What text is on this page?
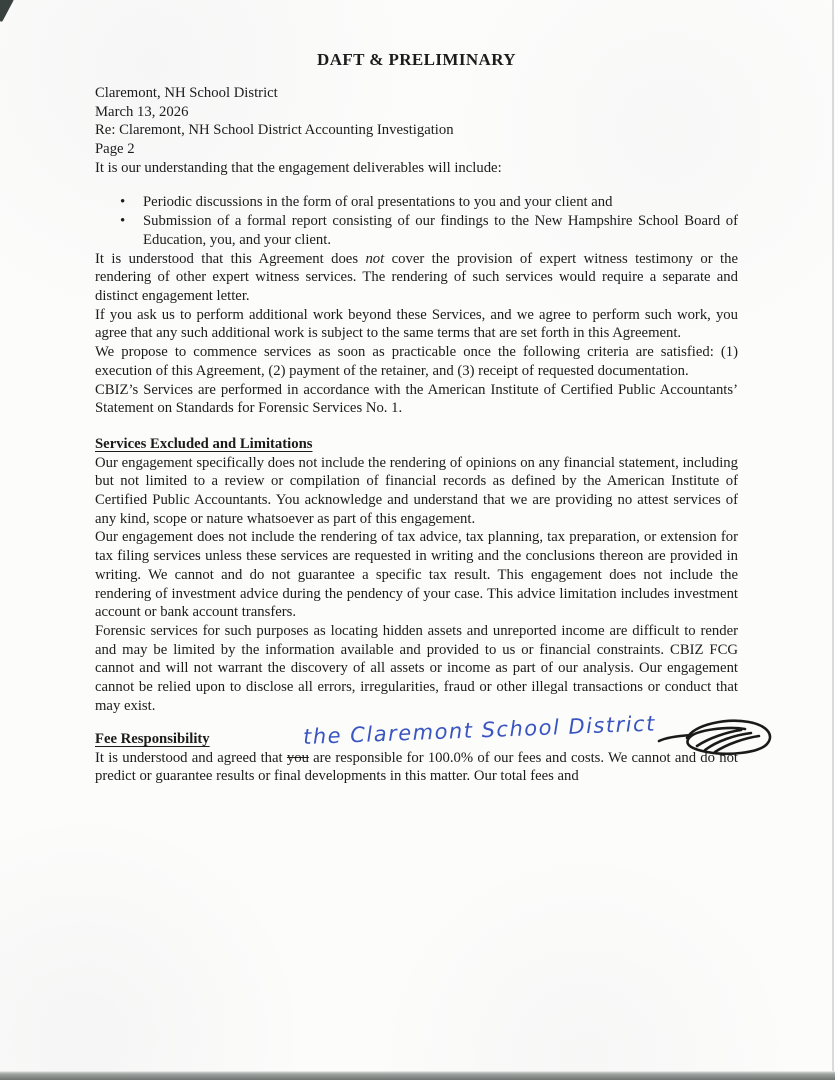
DAFT & PRELIMINARY
Claremont, NH School District
March 13, 2026
Re: Claremont, NH School District Accounting Investigation
Page 2

It is our understanding that the engagement deliverables will include:

•
Periodic discussions in the form of oral presentations to you and your client and
•
Submission of a formal report consisting of our findings to the New Hampshire School Board of Education, you, and your client.

It is understood that this Agreement does not cover the provision of expert witness testimony or the rendering of other expert witness services. The rendering of such services would require a separate and distinct engagement letter.

If you ask us to perform additional work beyond these Services, and we agree to perform such work, you agree that any such additional work is subject to the same terms that are set forth in this Agreement.

We propose to commence services as soon as practicable once the following criteria are satisfied: (1) execution of this Agreement, (2) payment of the retainer, and (3) receipt of requested documentation.

CBIZ’s Services are performed in accordance with the American Institute of Certified Public Accountants’ Statement on Standards for Forensic Services No. 1.

Services Excluded and Limitations

Our engagement specifically does not include the rendering of opinions on any financial statement, including but not limited to a review or compilation of financial records as defined by the American Institute of Certified Public Accountants. You acknowledge and understand that we are providing no attest services of any kind, scope or nature whatsoever as part of this engagement.

Our engagement does not include the rendering of tax advice, tax planning, tax preparation, or extension for tax filing services unless these services are requested in writing and the conclusions thereon are provided in writing. We cannot and do not guarantee a specific tax result. This engagement does not include the rendering of investment advice during the pendency of your case. This advice limitation includes investment account or bank account transfers.

Forensic services for such purposes as locating hidden assets and unreported income are difficult to render and may be limited by the information available and provided to us or financial constraints. CBIZ FCG cannot and will not warrant the discovery of all assets or income as part of our analysis. Our engagement cannot be relied upon to disclose all errors, irregularities, fraud or other illegal transactions or conduct that may exist.

the Claremont School District
Fee Responsibility

It is understood and agreed that you are responsible for 100.0% of our fees and costs. We cannot and do not predict or guarantee results or final developments in this matter. Our total fees and
